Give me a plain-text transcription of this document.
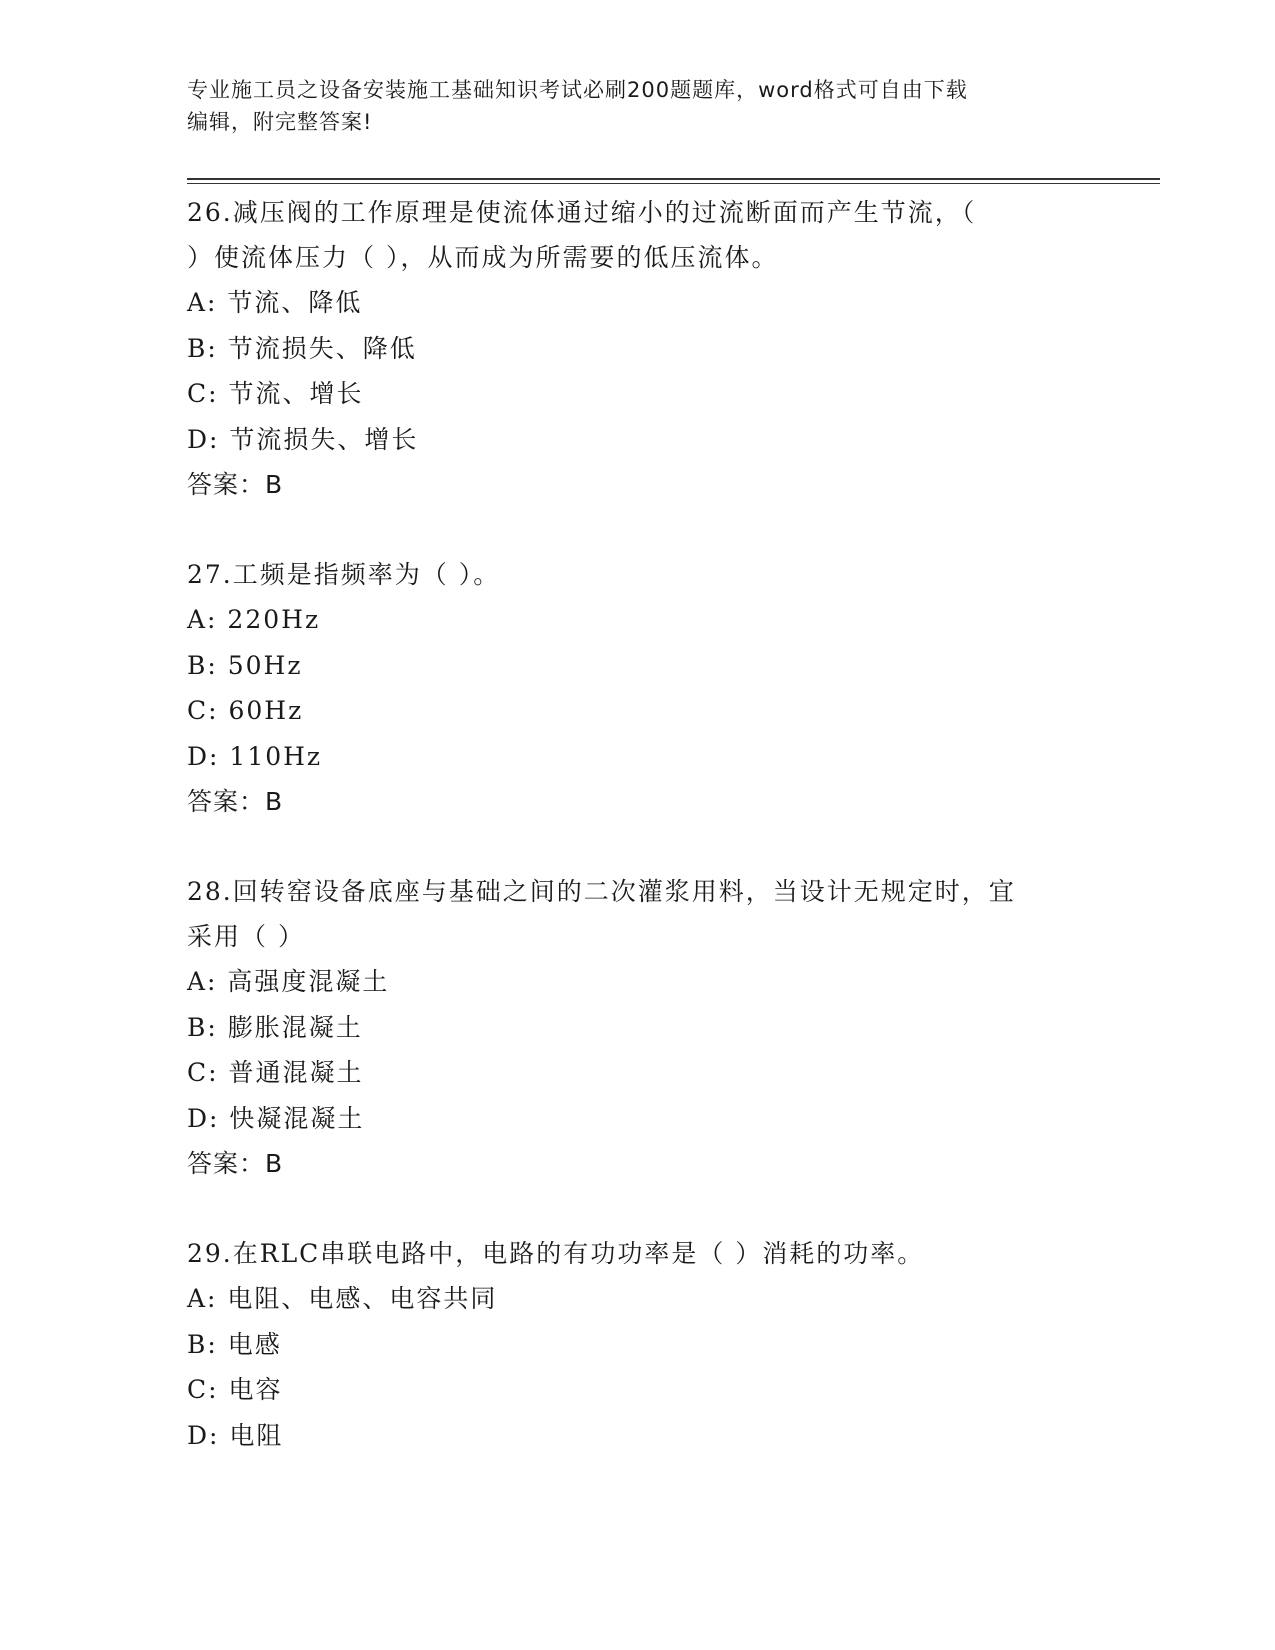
专业施工员之设备安装施工基础知识考试必刷200题题库，word格式可自由下载
编辑，附完整答案!
26.减压阀的工作原理是使流体通过缩小的过流断面而产生节流，（
）使流体压力（ ），从而成为所需要的低压流体。
A: 节流、降低
B: 节流损失、降低
C: 节流、增长
D: 节流损失、增长
答案：B
27.工频是指频率为（ ）。
A: 220Hz
B: 50Hz
C: 60Hz
D: 110Hz
答案：B
28.回转窑设备底座与基础之间的二次灌浆用料，当设计无规定时，宜
采用（ ）
A: 高强度混凝土
B: 膨胀混凝土
C: 普通混凝土
D: 快凝混凝土
答案：B
29.在RLC串联电路中，电路的有功功率是（ ）消耗的功率。
A: 电阻、电感、电容共同
B: 电感
C: 电容
D: 电阻
